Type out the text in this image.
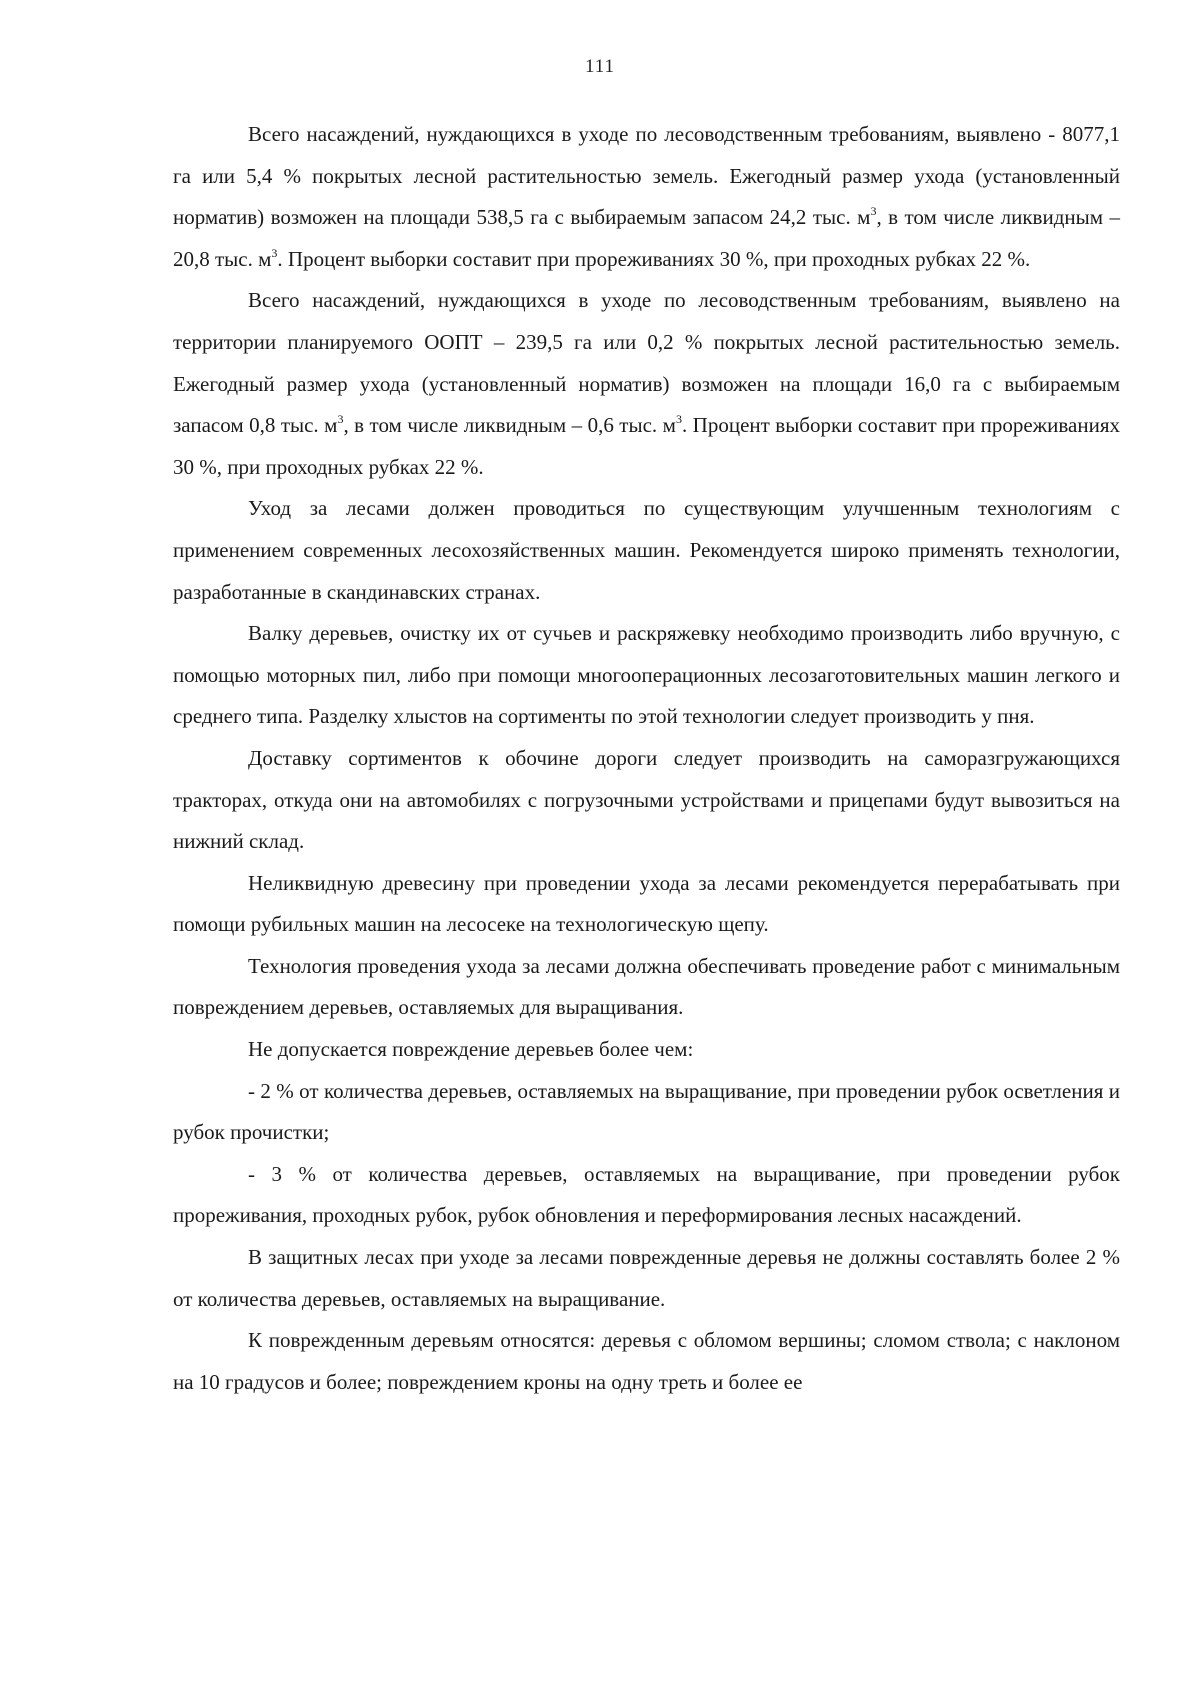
111

Всего насаждений, нуждающихся в уходе по лесоводственным требованиям, выявлено - 8077,1 га или 5,4 % покрытых лесной растительностью земель. Ежегодный размер ухода (установленный норматив) возможен на площади 538,5 га с выбираемым запасом 24,2 тыс. $м^3$, в том числе ликвидным – 20,8 тыс. $м^3$. Процент выборки составит при прореживаниях 30 %, при проходных рубках 22 %.

Всего насаждений, нуждающихся в уходе по лесоводственным требованиям, выявлено на территории планируемого ООПТ – 239,5 га или 0,2 % покрытых лесной растительностью земель. Ежегодный размер ухода (установленный норматив) возможен на площади 16,0 га с выбираемым запасом 0,8 тыс. $м^3$, в том числе ликвидным – 0,6 тыс. $м^3$. Процент выборки составит при прореживаниях 30 %, при проходных рубках 22 %.

Уход за лесами должен проводиться по существующим улучшенным технологиям с применением современных лесохозяйственных машин. Рекомендуется широко применять технологии, разработанные в скандинавских странах.

Валку деревьев, очистку их от сучьев и раскряжевку необходимо производить либо вручную, с помощью моторных пил, либо при помощи многооперационных лесозаготовительных машин легкого и среднего типа. Разделку хлыстов на сортименты по этой технологии следует производить у пня.

Доставку сортиментов к обочине дороги следует производить на саморазгружающихся тракторах, откуда они на автомобилях с погрузочными устройствами и прицепами будут вывозиться на нижний склад.

Неликвидную древесину при проведении ухода за лесами рекомендуется перерабатывать при помощи рубильных машин на лесосеке на технологическую щепу.

Технология проведения ухода за лесами должна обеспечивать проведение работ с минимальным повреждением деревьев, оставляемых для выращивания.

Не допускается повреждение деревьев более чем:

- 2 % от количества деревьев, оставляемых на выращивание, при проведении рубок осветления и рубок прочистки;

- 3 % от количества деревьев, оставляемых на выращивание, при проведении рубок прореживания, проходных рубок, рубок обновления и переформирования лесных насаждений.

В защитных лесах при уходе за лесами поврежденные деревья не должны составлять более 2 % от количества деревьев, оставляемых на выращивание.

К поврежденным деревьям относятся: деревья с обломом вершины; сломом ствола; с наклоном на 10 градусов и более; повреждением кроны на одну треть и более ее
